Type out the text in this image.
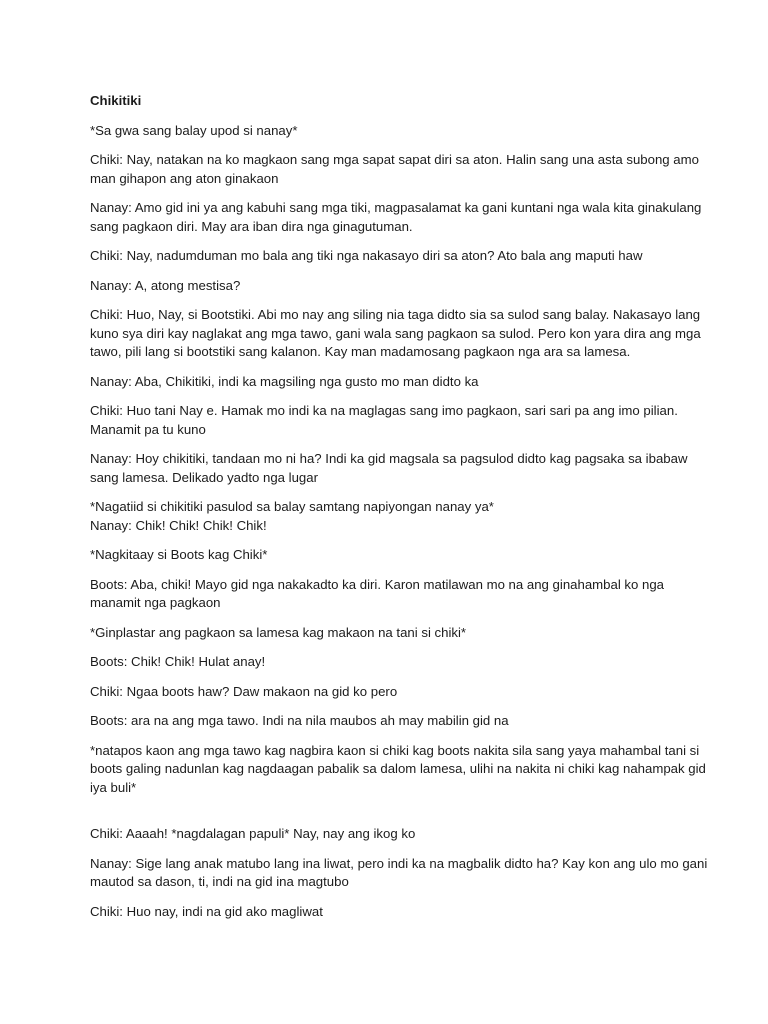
Chikitiki

*Sa gwa sang balay upod si nanay*

Chiki: Nay, natakan na ko magkaon sang mga sapat sapat diri sa aton. Halin sang una asta subong amo
man gihapon ang aton ginakaon

Nanay: Amo gid ini ya ang kabuhi sang mga tiki, magpasalamat ka gani kuntani nga wala kita ginakulang
sang pagkaon diri. May ara iban dira nga ginagutuman.

Chiki: Nay, nadumduman mo bala ang tiki nga nakasayo diri sa aton? Ato bala ang maputi haw

Nanay: A, atong mestisa?

Chiki: Huo, Nay, si Bootstiki. Abi mo nay ang siling nia taga didto sia sa sulod sang balay. Nakasayo lang
kuno sya diri kay naglakat ang mga tawo, gani wala sang pagkaon sa sulod. Pero kon yara dira ang mga
tawo, pili lang si bootstiki sang kalanon. Kay man madamosang pagkaon nga ara sa lamesa.

Nanay: Aba, Chikitiki, indi ka magsiling nga gusto mo man didto ka

Chiki: Huo tani Nay e. Hamak mo indi ka na maglagas sang imo pagkaon, sari sari pa ang imo pilian.
Manamit pa tu kuno

Nanay: Hoy chikitiki, tandaan mo ni ha? Indi ka gid magsala sa pagsulod didto kag pagsaka sa ibabaw
sang lamesa. Delikado yadto nga lugar

*Nagatiid si chikitiki pasulod sa balay samtang napiyongan nanay ya*

Nanay: Chik! Chik! Chik! Chik!

*Nagkitaay si Boots kag Chiki*

Boots: Aba, chiki! Mayo gid nga nakakadto ka diri. Karon matilawan mo na ang ginahambal ko nga
manamit nga pagkaon

*Ginplastar ang pagkaon sa lamesa kag makaon na tani si chiki*

Boots: Chik! Chik! Hulat anay!

Chiki: Ngaa boots haw? Daw makaon na gid ko pero

Boots: ara na ang mga tawo. Indi na nila maubos ah may mabilin gid na

*natapos kaon ang mga tawo kag nagbira kaon si chiki kag boots nakita sila sang yaya mahambal tani si
boots galing nadunlan kag nagdaagan pabalik sa dalom lamesa, ulihi na nakita ni chiki kag nahampak gid
iya buli*

Chiki: Aaaah! *nagdalagan papuli* Nay, nay ang ikog ko

Nanay: Sige lang anak matubo lang ina liwat, pero indi ka na magbalik didto ha? Kay kon ang ulo mo gani
mautod sa dason, ti, indi na gid ina magtubo

Chiki: Huo nay, indi na gid ako magliwat
